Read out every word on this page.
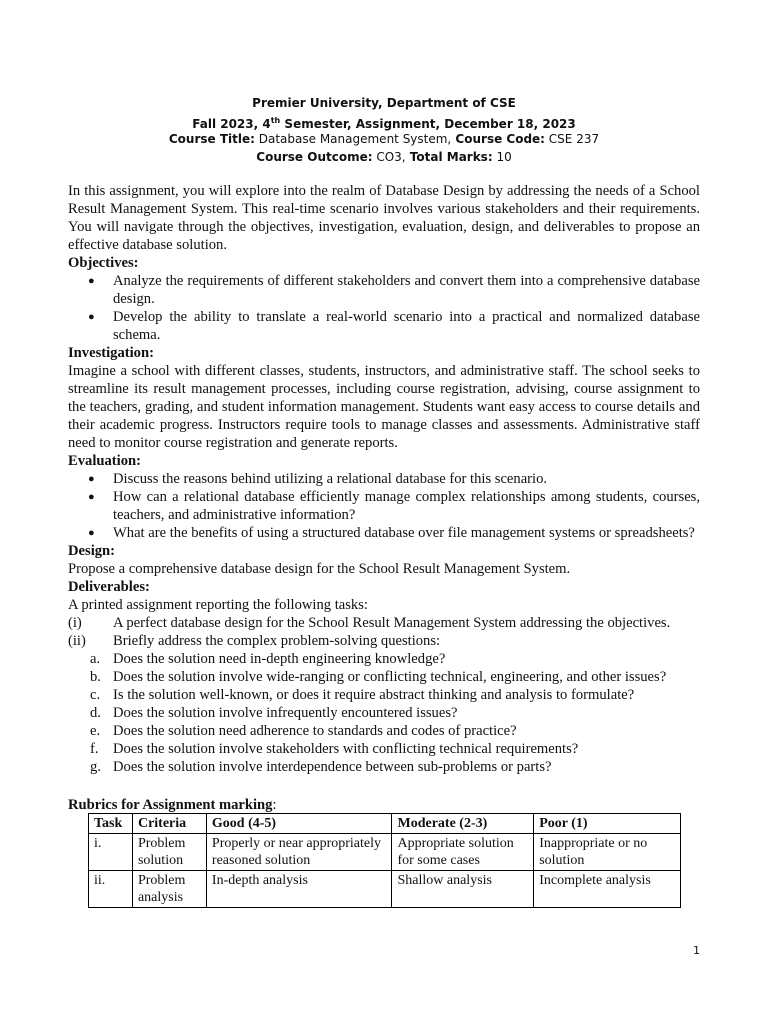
Premier University, Department of CSE
Fall 2023, 4th Semester, Assignment, December 18, 2023
Course Title: Database Management System, Course Code: CSE 237
Course Outcome: CO3, Total Marks: 10

In this assignment, you will explore into the realm of Database Design by addressing the needs of a School Result Management System. This real-time scenario involves various stakeholders and their requirements. You will navigate through the objectives, investigation, evaluation, design, and deliverables to propose an effective database solution.

Objectives:

● Analyze the requirements of different stakeholders and convert them into a comprehensive database design.
● Develop the ability to translate a real-world scenario into a practical and normalized database schema.

Investigation:

Imagine a school with different classes, students, instructors, and administrative staff. The school seeks to streamline its result management processes, including course registration, advising, course assignment to the teachers, grading, and student information management. Students want easy access to course details and their academic progress. Instructors require tools to manage classes and assessments. Administrative staff need to monitor course registration and generate reports.

Evaluation:

● Discuss the reasons behind utilizing a relational database for this scenario.
● How can a relational database efficiently manage complex relationships among students, courses, teachers, and administrative information?
● What are the benefits of using a structured database over file management systems or spreadsheets?

Design:

Propose a comprehensive database design for the School Result Management System.

Deliverables:

A printed assignment reporting the following tasks:

(i) A perfect database design for the School Result Management System addressing the objectives.
(ii) Briefly address the complex problem-solving questions:
a. Does the solution need in-depth engineering knowledge?
b. Does the solution involve wide-ranging or conflicting technical, engineering, and other issues?
c. Is the solution well-known, or does it require abstract thinking and analysis to formulate?
d. Does the solution involve infrequently encountered issues?
e. Does the solution need adherence to standards and codes of practice?
f. Does the solution involve stakeholders with conflicting technical requirements?
g. Does the solution involve interdependence between sub-problems or parts?
Rubrics for Assignment marking:
Task	Criteria	Good (4-5)	Moderate (2-3)	Poor (1)
i.	Problem solution	Properly or near appropriately reasoned solution	Appropriate solution for some cases	Inappropriate or no solution
ii.	Problem analysis	In-depth analysis	Shallow analysis	Incomplete analysis
1
